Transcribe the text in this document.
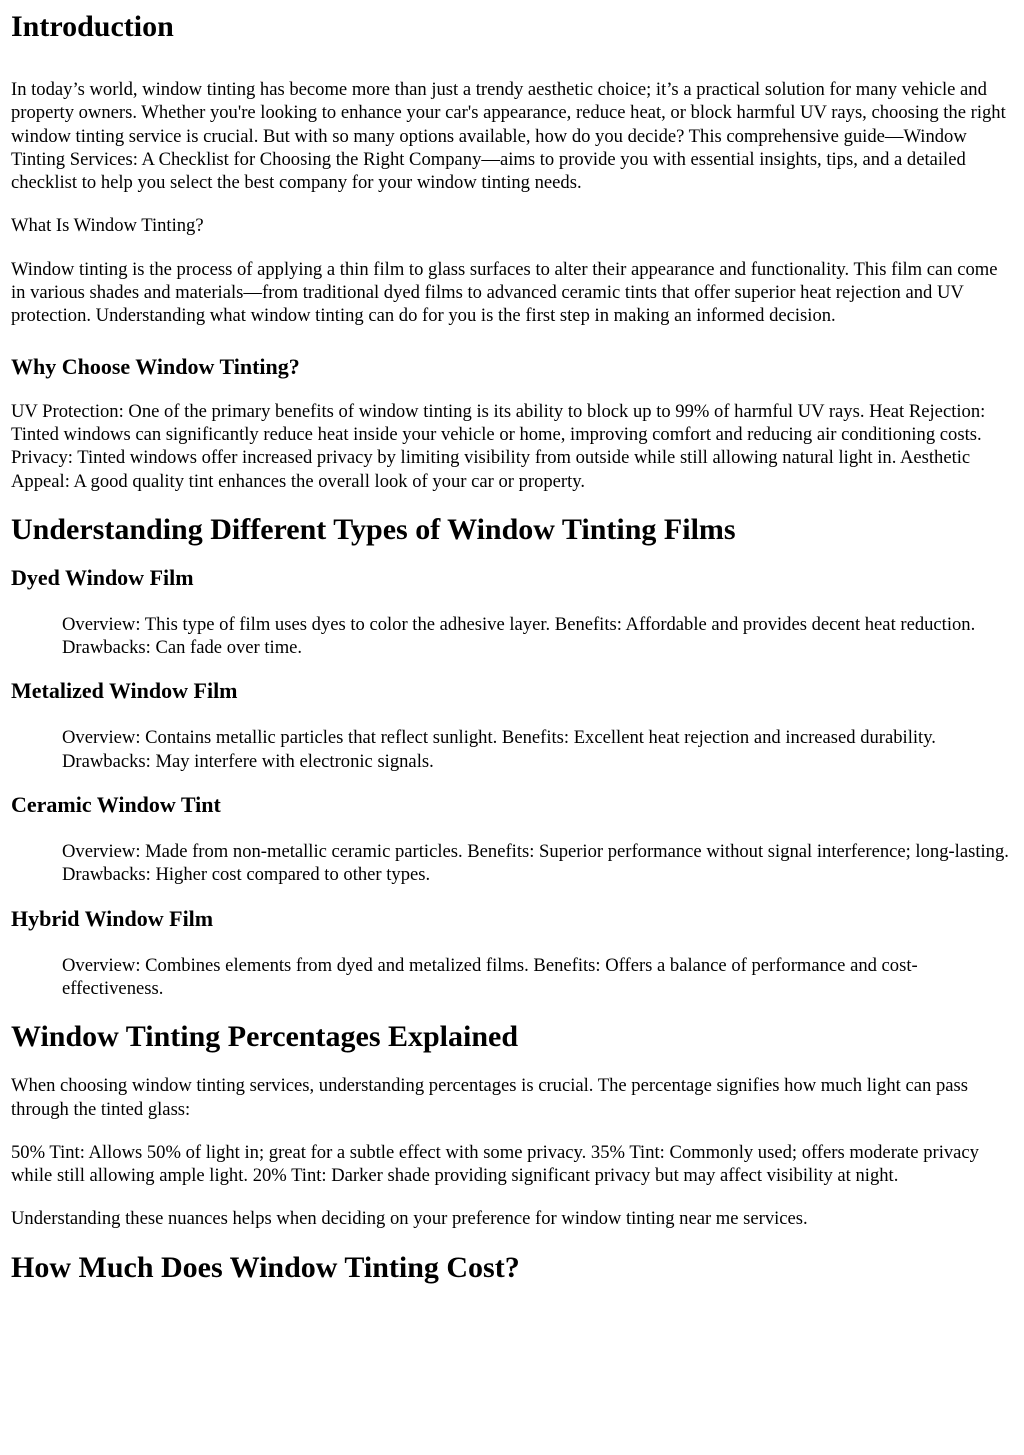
Introduction

In today’s world, window tinting has become more than just a trendy aesthetic choice; it’s a practical solution for many vehicle and property owners. Whether you're looking to enhance your car's appearance, reduce heat, or block harmful UV rays, choosing the right window tinting service is crucial. But with so many options available, how do you decide? This comprehensive guide—Window Tinting Services: A Checklist for Choosing the Right Company—aims to provide you with essential insights, tips, and a detailed checklist to help you select the best company for your window tinting needs.

What Is Window Tinting?

Window tinting is the process of applying a thin film to glass surfaces to alter their appearance and functionality. This film can come in various shades and materials—from traditional dyed films to advanced ceramic tints that offer superior heat rejection and UV protection. Understanding what window tinting can do for you is the first step in making an informed decision.

Why Choose Window Tinting?

UV Protection: One of the primary benefits of window tinting is its ability to block up to 99% of harmful UV rays. Heat Rejection: Tinted windows can significantly reduce heat inside your vehicle or home, improving comfort and reducing air conditioning costs. Privacy: Tinted windows offer increased privacy by limiting visibility from outside while still allowing natural light in. Aesthetic Appeal: A good quality tint enhances the overall look of your car or property.

Understanding Different Types of Window Tinting Films
Dyed Window Film

Overview: This type of film uses dyes to color the adhesive layer. Benefits: Affordable and provides decent heat reduction. Drawbacks: Can fade over time.

Metalized Window Film

Overview: Contains metallic particles that reflect sunlight. Benefits: Excellent heat rejection and increased durability. Drawbacks: May interfere with electronic signals.

Ceramic Window Tint

Overview: Made from non-metallic ceramic particles. Benefits: Superior performance without signal interference; long-lasting. Drawbacks: Higher cost compared to other types.

Hybrid Window Film

Overview: Combines elements from dyed and metalized films. Benefits: Offers a balance of performance and cost-effectiveness.

Window Tinting Percentages Explained

When choosing window tinting services, understanding percentages is crucial. The percentage signifies how much light can pass through the tinted glass:

50% Tint: Allows 50% of light in; great for a subtle effect with some privacy. 35% Tint: Commonly used; offers moderate privacy while still allowing ample light. 20% Tint: Darker shade providing significant privacy but may affect visibility at night.

Understanding these nuances helps when deciding on your preference for window tinting near me services.

How Much Does Window Tinting Cost?
